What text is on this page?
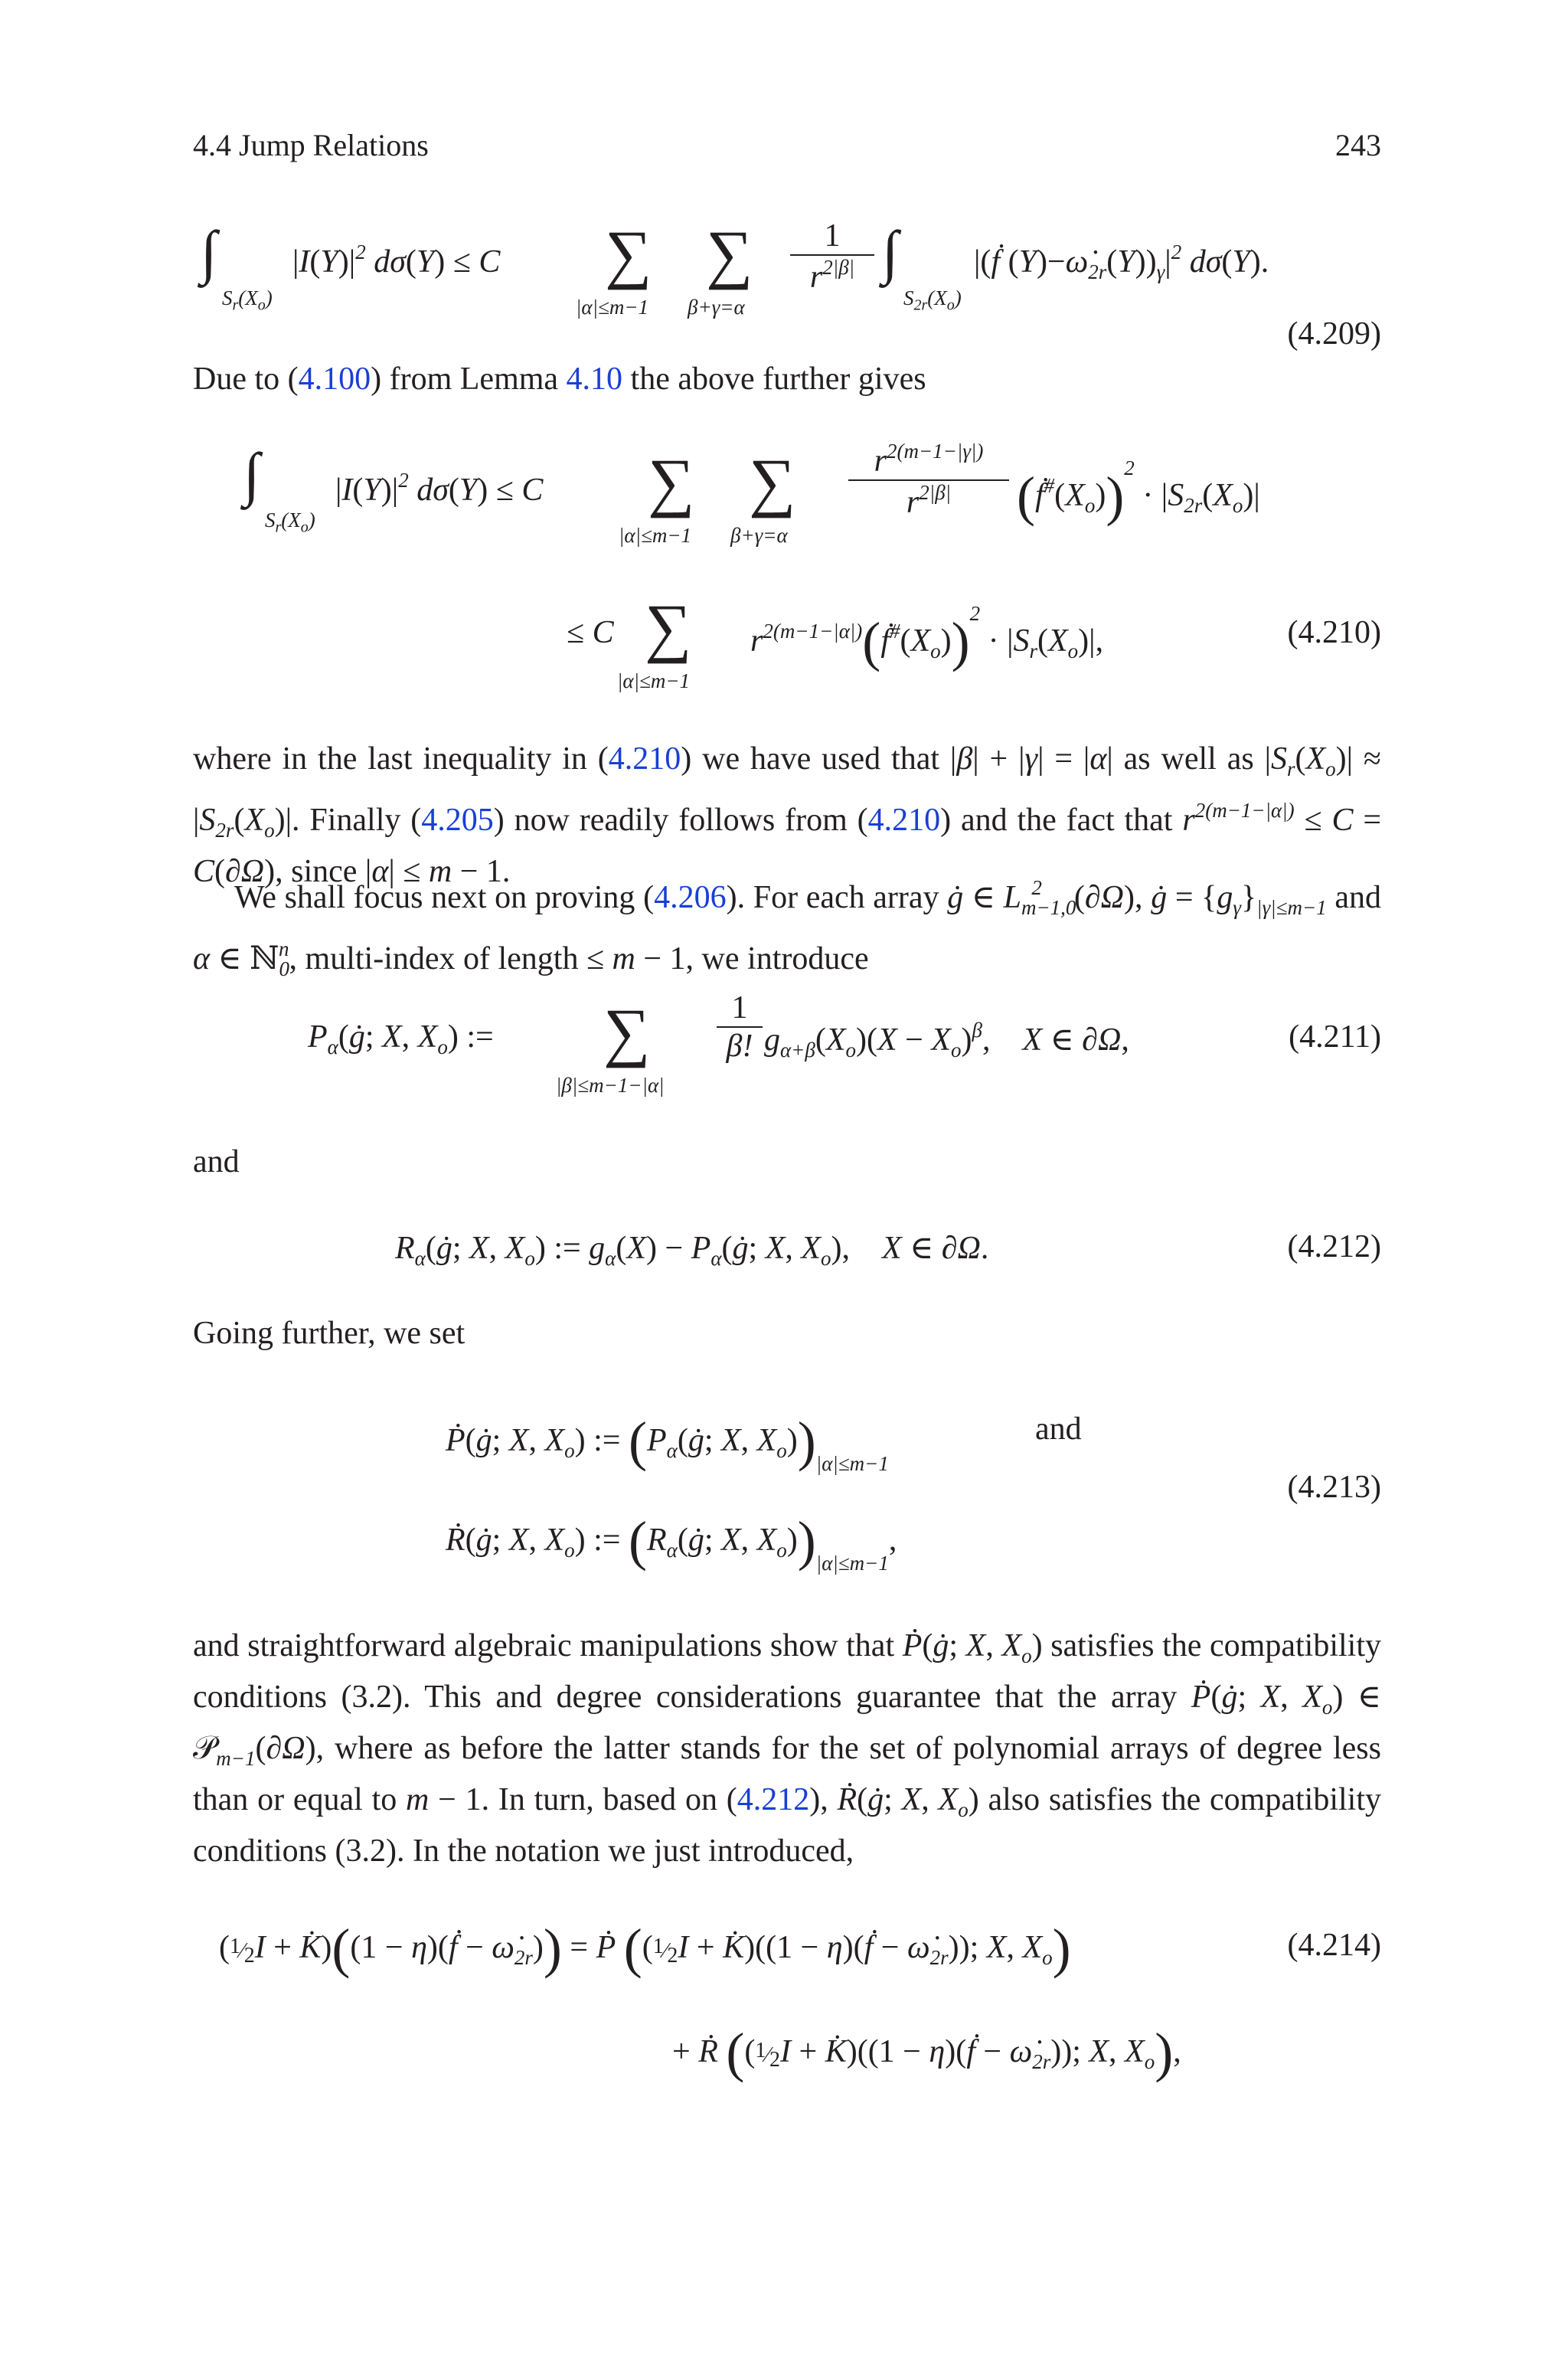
4.4 Jump Relations	243
∫
$S_r(X_o)$
$|I(Y)|^2$ dσ(Y) ≤ C ∑
|α|≤m−1
∑
β+γ=α
1
$r^{2|\beta|}$ ∫
$S_{2r}(X_o)$
|(ḟ $(Y)-\omegȧ_{2r}(Y))_\gamma|^2$ dσ(Y).
(4.209)
Due to (4.100) from Lemma 4.10 the above further gives
∫
$S_r(X_o)$
$|I(Y)|^2$ dσ(Y) ≤ C ∑
|α|≤m−1
∑
β+γ=α
$r^{2(m-1-|\gamma|)}$
$r^{2|\beta|}$	$(ḟ^{\#}(X_o))^2 \cdot |S_{2r}(X_o)|$
≤ C ∑
|α|≤m−1
$r^{2(m-1-|\alpha|)}(ḟ^{\#}(X_o))^2 \cdot |S_r(X_o)|$,	(4.210)
where in the last inequality in (4.210) we have used that |β| + |γ| = |α| as well as $|S_r(X_o)| \approx |S_{2r}(X_o)|$. Finally (4.205) now readily follows from (4.210) and the fact that $r^{2(m-1-|\alpha|)} \le C = C(\partial\Omega)$, since |α| ≤ m − 1.
We shall focus next on proving (4.206). For each array ġ ∈ $L_{m-1,0}^2$ (∂Ω), ġ = $\{g_\gamma\}_{|\gamma|\le m-1}$ and α ∈ ℕ$_0^n$, multi-index of length ≤ m − 1, we introduce
$P_\alpha(ġ$; X, $X_o$) := ∑
|β|≤m−1−|α|
1
β! $g_{\alpha+\beta}(X_o)(X - X_o)^\beta$,    X ∈ ∂Ω,	(4.211)
and
$R_\alpha(ġ$; X, $X_o$) := $g_\alpha(X)$ − $P_\alpha(ġ$; X, $X_o$),    X ∈ ∂Ω.	(4.212)
Going further, we set
Ṗ(ġ; X, $X_o$) := ($P_\alpha(ġ$; X, $X_o))_{|\alpha|\le m-1}$
and
(4.213)
Ṙ(ġ; X, $X_o$) := ($R_\alpha(ġ$; X, $X_o))_{|\alpha|\le m-1}$,
and straightforward algebraic manipulations show that Ṗ(ġ; X, $X_o$) satisfies the compatibility conditions (3.2). This and degree considerations guarantee that the array Ṗ(ġ; X, $X_o$) ∈ 𝒫$_{m-1}$(∂Ω), where as before the latter stands for the set of polynomial arrays of degree less than or equal to m − 1. In turn, based on (4.212), Ṙ(ġ; X, $X_o$) also satisfies the compatibility conditions (3.2). In the notation we just introduced,
(1⁄2I + K̇)((1 − η)(ḟ − $\omegȧ_{2r}$)) = Ṗ ((1⁄2I + K̇)((1 − η)(ḟ − $\omegȧ_{2r}$)); X, $X_o$)	(4.214)
+ Ṙ ((1⁄2I + K̇)((1 − η)(ḟ − $\omegȧ_{2r}$)); X, $X_o$),
